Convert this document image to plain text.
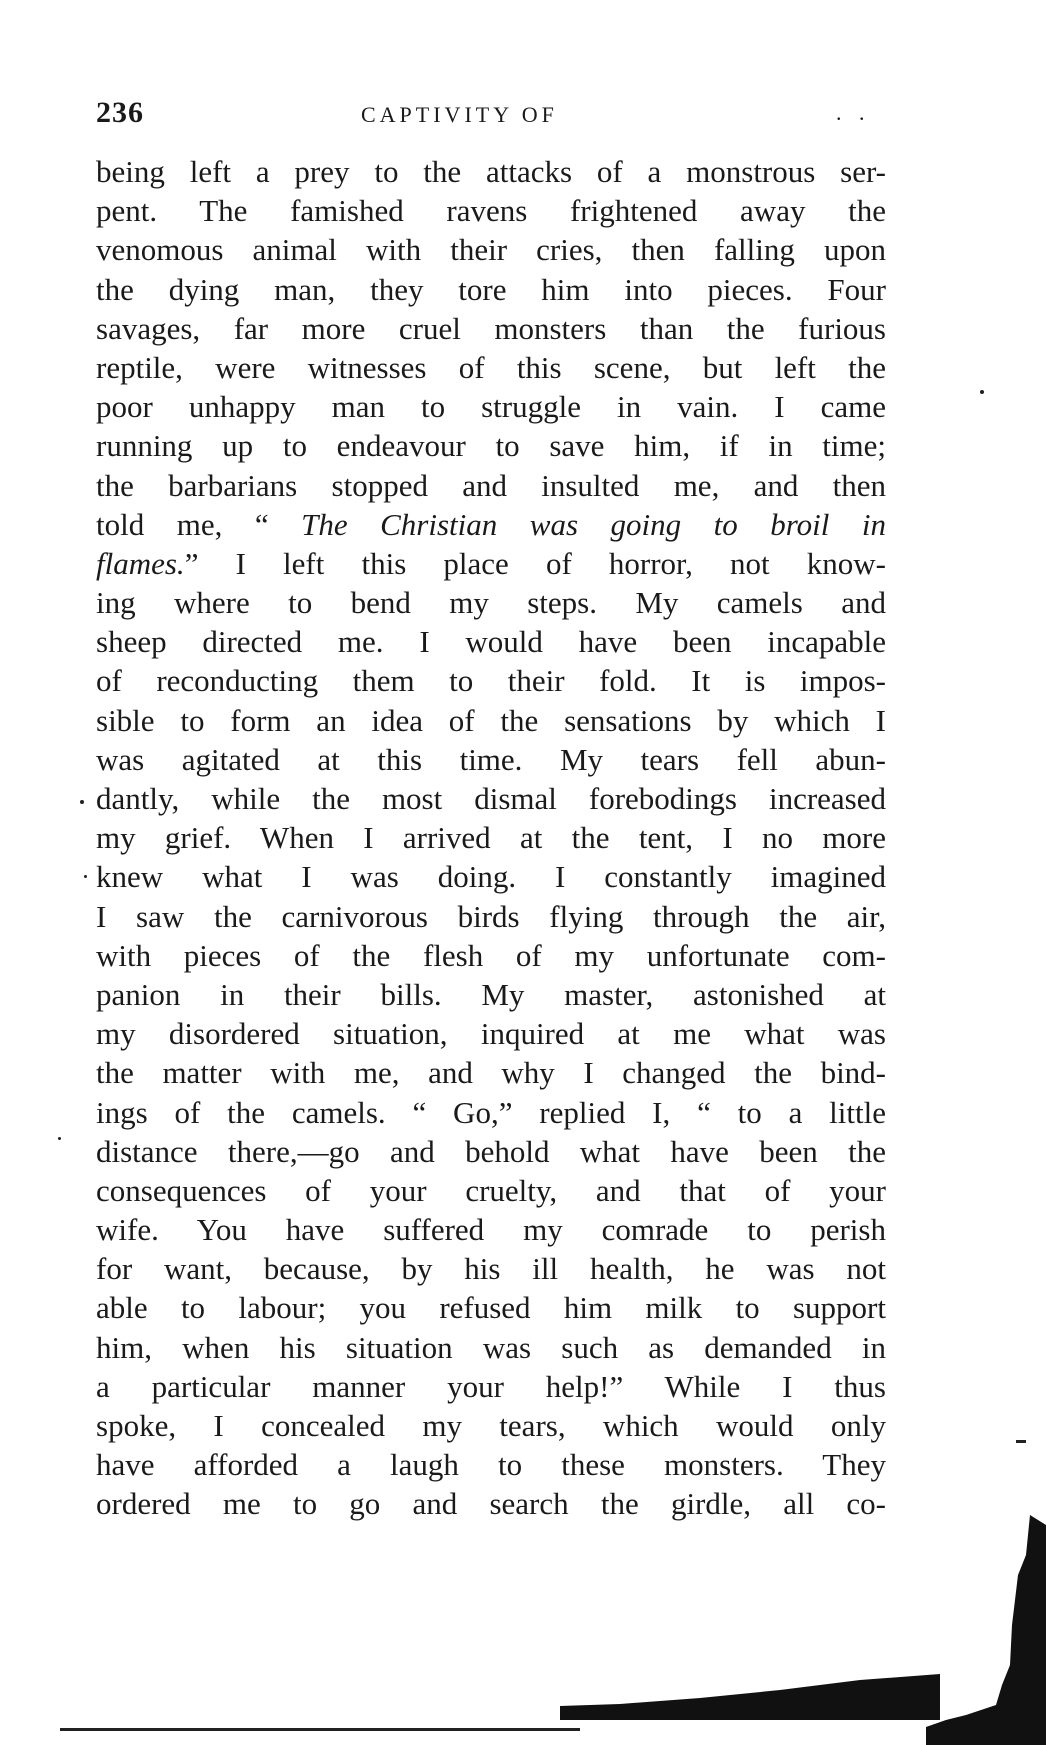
236	CAPTIVITY OF	. .
being left a prey to the attacks of a monstrous ser-
pent. The famished ravens frightened away the
venomous animal with their cries, then falling upon
the dying man, they tore him into pieces. Four
savages, far more cruel monsters than the furious
reptile, were witnesses of this scene, but left the
poor unhappy man to struggle in vain. I came
running up to endeavour to save him, if in time;
the barbarians stopped and insulted me, and then
told me, “ The Christian was going to broil in
flames.” I left this place of horror, not know-
ing where to bend my steps. My camels and
sheep directed me. I would have been incapable
of reconducting them to their fold. It is impos-
sible to form an idea of the sensations by which I
was agitated at this time. My tears fell abun-
dantly, while the most dismal forebodings increased
my grief. When I arrived at the tent, I no more
knew what I was doing. I constantly imagined
I saw the carnivorous birds flying through the air,
with pieces of the flesh of my unfortunate com-
panion in their bills. My master, astonished at
my disordered situation, inquired at me what was
the matter with me, and why I changed the bind-
ings of the camels. “ Go,” replied I, “ to a little
distance there,—go and behold what have been the
consequences of your cruelty, and that of your
wife. You have suffered my comrade to perish
for want, because, by his ill health, he was not
able to labour; you refused him milk to support
him, when his situation was such as demanded in
a particular manner your help!” While I thus
spoke, I concealed my tears, which would only
have afforded a laugh to these monsters. They
ordered me to go and search the girdle, all co-
